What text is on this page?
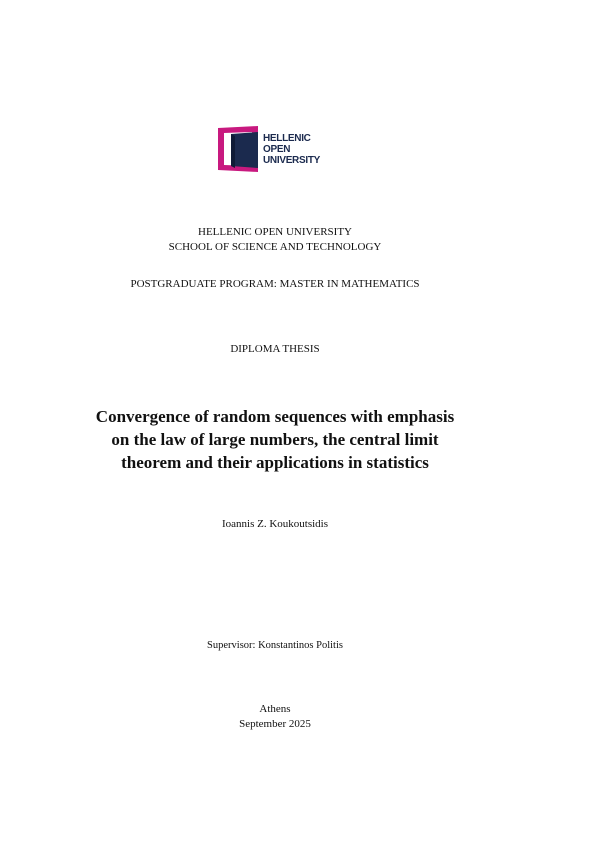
HELLENIC
OPEN
UNIVERSITY
HELLENIC OPEN UNIVERSITY
SCHOOL OF SCIENCE AND TECHNOLOGY
POSTGRADUATE PROGRAM: MASTER IN MATHEMATICS
DIPLOMA THESIS
Convergence of random sequences with emphasis
on the law of large numbers, the central limit
theorem and their applications in statistics
Ioannis Z. Koukoutsidis
Supervisor: Konstantinos Politis
Athens
September 2025
